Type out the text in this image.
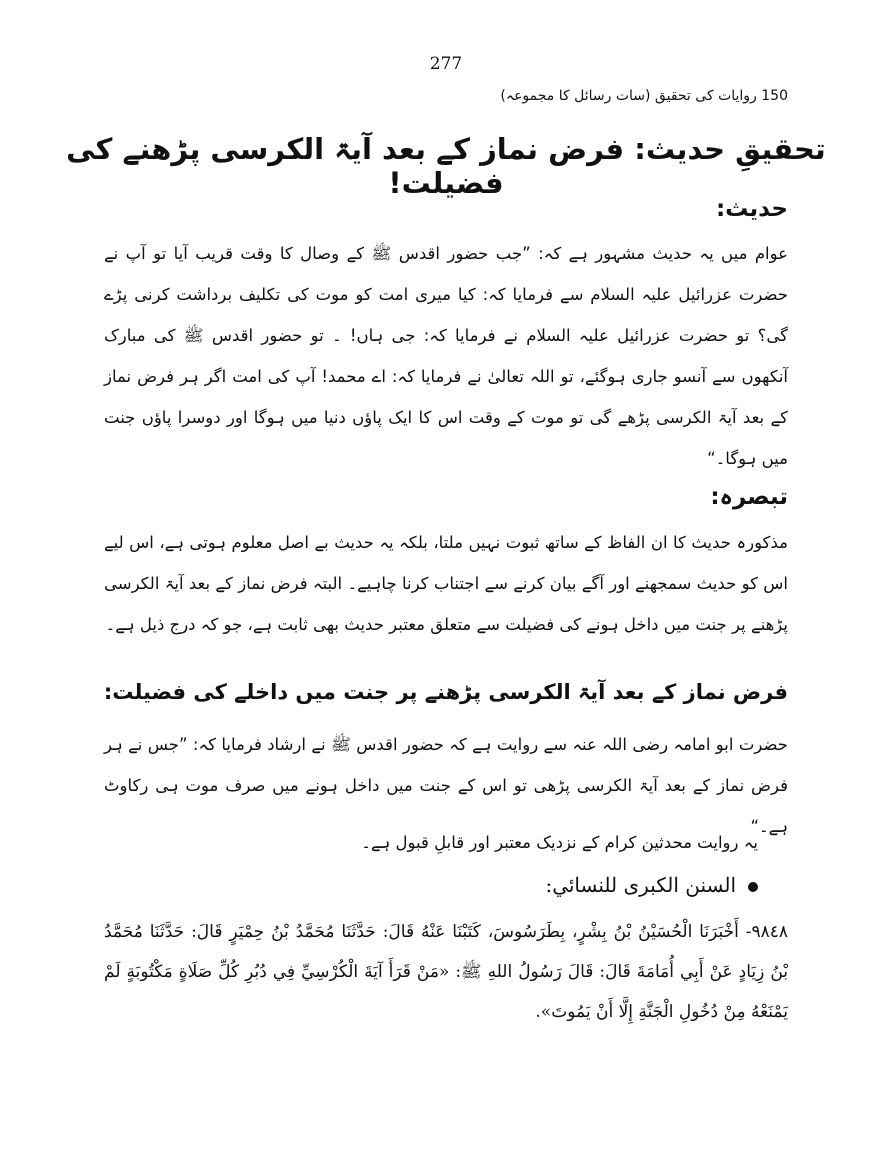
277
150 روایات کی تحقیق (سات رسائل کا مجموعہ)
تحقیقِ حدیث: فرض نماز کے بعد آیۃ الکرسی پڑھنے کی فضیلت!
حدیث:
عوام میں یہ حدیث مشہور ہے کہ: ”جب حضور اقدس ﷺ کے وصال کا وقت قریب آیا تو آپ نے حضرت عزرائیل علیہ السلام سے فرمایا کہ: کیا میری امت کو موت کی تکلیف برداشت کرنی پڑے گی؟ تو حضرت عزرائیل علیہ السلام نے فرمایا کہ: جی ہاں! ۔ تو حضور اقدس ﷺ کی مبارک آنکھوں سے آنسو جاری ہوگئے، تو اللہ تعالیٰ نے فرمایا کہ: اے محمد! آپ کی امت اگر ہر فرض نماز کے بعد آیۃ الکرسی پڑھے گی تو موت کے وقت اس کا ایک پاؤں دنیا میں ہوگا اور دوسرا پاؤں جنت میں ہوگا۔“
تبصرہ:
مذکورہ حدیث کا ان الفاظ کے ساتھ ثبوت نہیں ملتا، بلکہ یہ حدیث بے اصل معلوم ہوتی ہے، اس لیے اس کو حدیث سمجھنے اور آگے بیان کرنے سے اجتناب کرنا چاہیے۔ البتہ فرض نماز کے بعد آیۃ الکرسی پڑھنے پر جنت میں داخل ہونے کی فضیلت سے متعلق معتبر حدیث بھی ثابت ہے، جو کہ درج ذیل ہے۔
فرض نماز کے بعد آیۃ الکرسی پڑھنے پر جنت میں داخلے کی فضیلت:
حضرت ابو امامہ رضی اللہ عنہ سے روایت ہے کہ حضور اقدس ﷺ نے ارشاد فرمایا کہ: ”جس نے ہر فرض نماز کے بعد آیۃ الکرسی پڑھی تو اس کے جنت میں داخل ہونے میں صرف موت ہی رکاوٹ ہے۔“
یہ روایت محدثین کرام کے نزدیک معتبر اور قابلِ قبول ہے۔
السنن الكبرى للنسائي:
٩٨٤٨- أَخْبَرَنَا الْحُسَيْنُ بْنُ بِشْرٍ، بِطَرَسُوسَ، كَتَبْنَا عَنْهُ قَالَ: حَدَّثَنَا مُحَمَّدُ بْنُ حِمْيَرٍ قَالَ: حَدَّثَنَا مُحَمَّدُ بْنُ زِيَادٍ عَنْ أَبِي أُمَامَةَ قَالَ: قَالَ رَسُولُ اللهِ ﷺ: «مَنْ قَرَأَ آيَةَ الْكُرْسِيِّ فِي دُبُرِ كُلِّ صَلَاةٍ مَكْتُوبَةٍ لَمْ يَمْنَعْهُ مِنْ دُخُولِ الْجَنَّةِ إِلَّا أَنْ يَمُوتَ».
